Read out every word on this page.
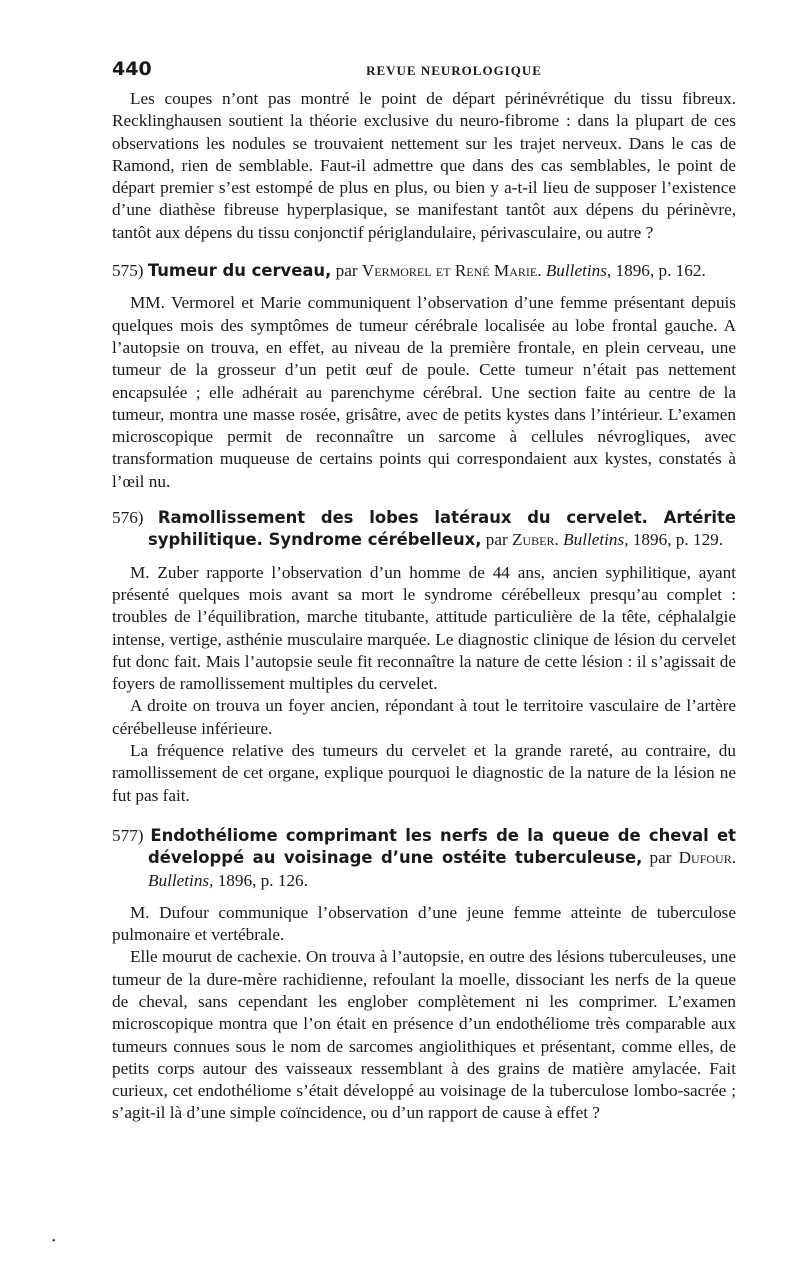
440	REVUE NEUROLOGIQUE

Les coupes n’ont pas montré le point de départ périnévrétique du tissu fibreux. Recklinghausen soutient la théorie exclusive du neuro-fibrome : dans la plupart de ces observations les nodules se trouvaient nettement sur les trajet nerveux. Dans le cas de Ramond, rien de semblable. Faut-il admettre que dans des cas semblables, le point de départ premier s’est estompé de plus en plus, ou bien y a-t-il lieu de supposer l’existence d’une diathèse fibreuse hyperplasique, se manifestant tantôt aux dépens du périnèvre, tantôt aux dépens du tissu conjonctif périglandulaire, périvasculaire, ou autre ?

575) Tumeur du cerveau, par Vermorel et René Marie. Bulletins, 1896, p. 162.

MM. Vermorel et Marie communiquent l’observation d’une femme présentant depuis quelques mois des symptômes de tumeur cérébrale localisée au lobe frontal gauche. A l’autopsie on trouva, en effet, au niveau de la première frontale, en plein cerveau, une tumeur de la grosseur d’un petit œuf de poule. Cette tumeur n’était pas nettement encapsulée ; elle adhérait au parenchyme cérébral. Une section faite au centre de la tumeur, montra une masse rosée, grisâtre, avec de petits kystes dans l’intérieur. L’examen microscopique permit de reconnaître un sarcome à cellules névrogliques, avec transformation muqueuse de certains points qui correspondaient aux kystes, constatés à l’œil nu.

576) Ramollissement des lobes latéraux du cervelet. Artérite syphilitique. Syndrome cérébelleux, par Zuber. Bulletins, 1896, p. 129.

M. Zuber rapporte l’observation d’un homme de 44 ans, ancien syphilitique, ayant présenté quelques mois avant sa mort le syndrome cérébelleux presqu’au complet : troubles de l’équilibration, marche titubante, attitude particulière de la tête, céphalalgie intense, vertige, asthénie musculaire marquée. Le diagnostic clinique de lésion du cervelet fut donc fait. Mais l’autopsie seule fit reconnaître la nature de cette lésion : il s’agissait de foyers de ramollissement multiples du cervelet.

A droite on trouva un foyer ancien, répondant à tout le territoire vasculaire de l’artère cérébelleuse inférieure.

La fréquence relative des tumeurs du cervelet et la grande rareté, au contraire, du ramollissement de cet organe, explique pourquoi le diagnostic de la nature de la lésion ne fut pas fait.

577) Endothéliome comprimant les nerfs de la queue de cheval et développé au voisinage d’une ostéite tuberculeuse, par Dufour. Bulletins, 1896, p. 126.

M. Dufour communique l’observation d’une jeune femme atteinte de tuberculose pulmonaire et vertébrale.

Elle mourut de cachexie. On trouva à l’autopsie, en outre des lésions tuberculeuses, une tumeur de la dure-mère rachidienne, refoulant la moelle, dissociant les nerfs de la queue de cheval, sans cependant les englober complètement ni les comprimer. L’examen microscopique montra que l’on était en présence d’un endothéliome très comparable aux tumeurs connues sous le nom de sarcomes angiolithiques et présentant, comme elles, de petits corps autour des vaisseaux ressemblant à des grains de matière amylacée. Fait curieux, cet endothéliome s’était développé au voisinage de la tuberculose lombo-sacrée ; s’agit-il là d’une simple coïncidence, ou d’un rapport de cause à effet ?

•
